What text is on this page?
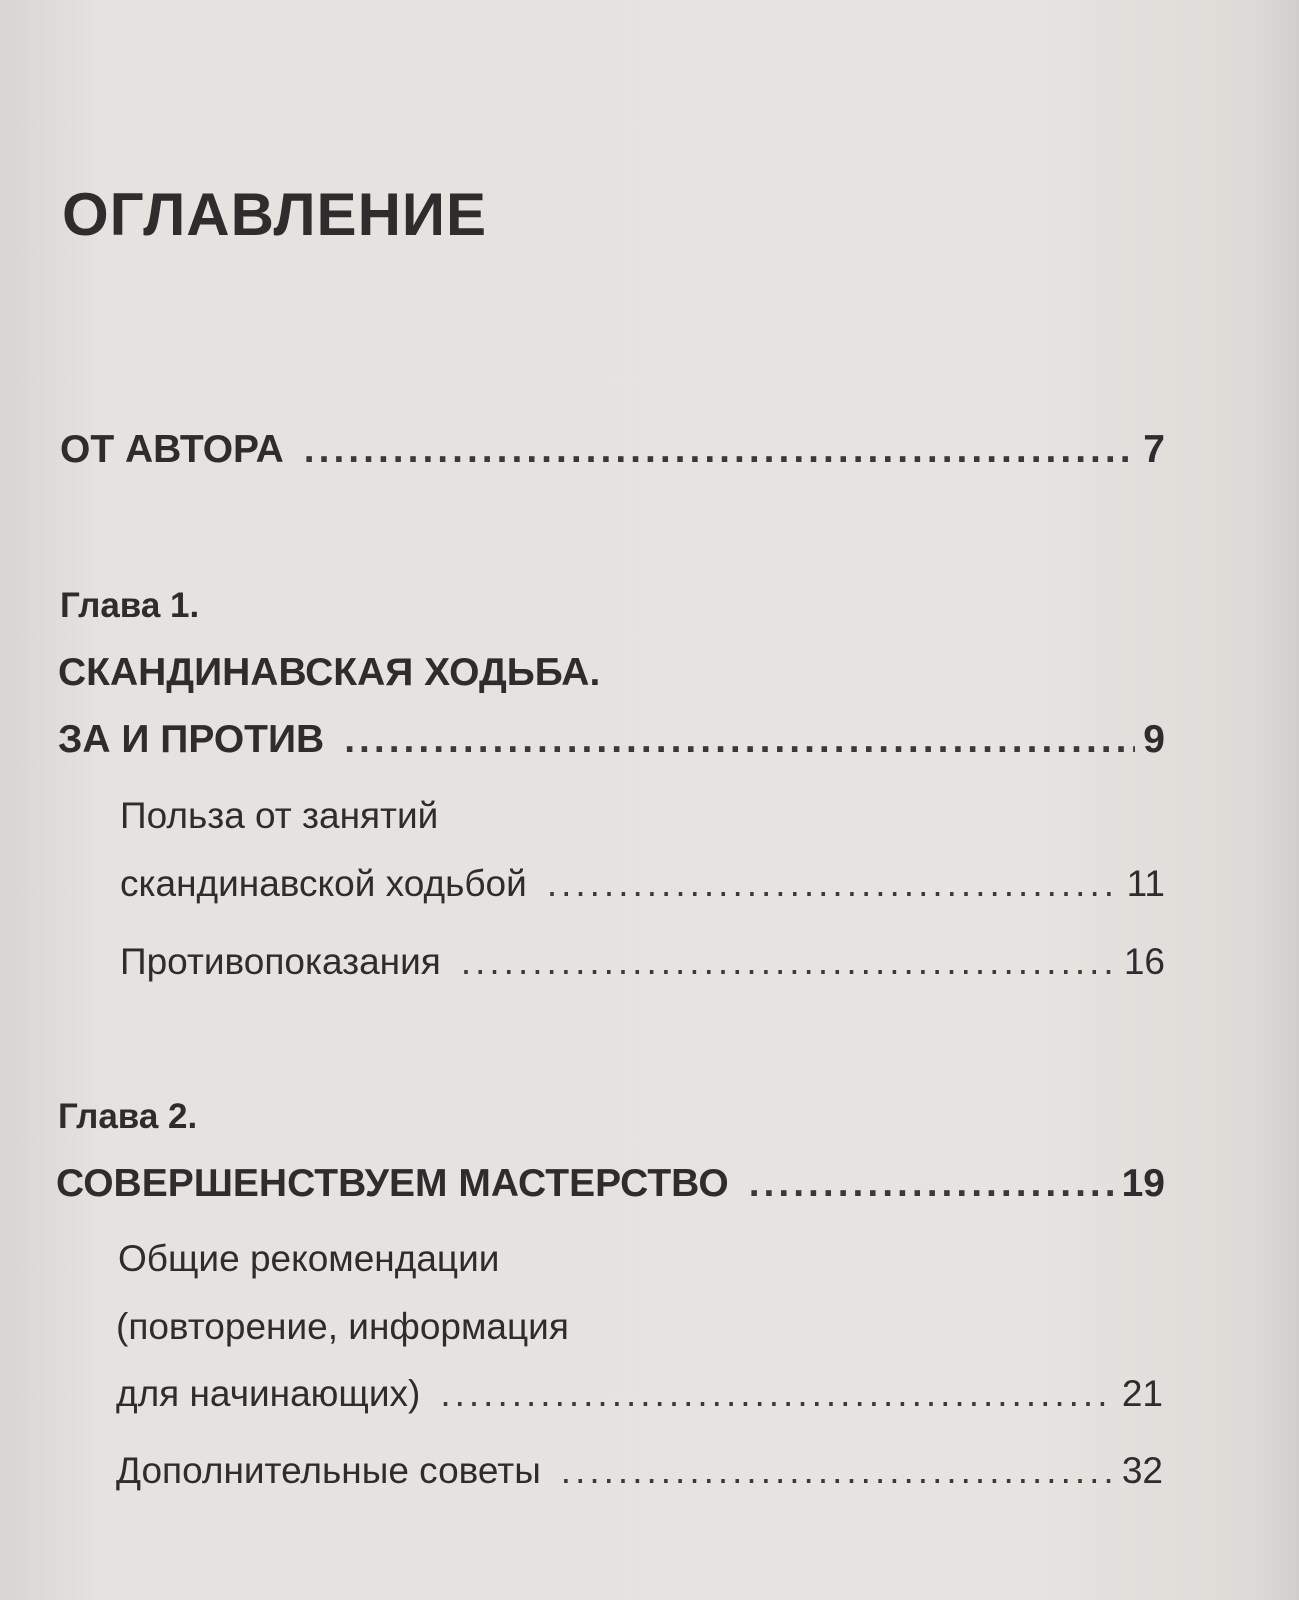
ОГЛАВЛЕНИЕ
ОТ АВТОРА .....	7
Глава 1.
СКАНДИНАВСКАЯ ХОДЬБА.
ЗА И ПРОТИВ .....	9
Польза от занятий
скандинавской ходьбой .....	11
Противопоказания .....	16
Глава 2.
СОВЕРШЕНСТВУЕМ МАСТЕРСТВО .....	19
Общие рекомендации
(повторение, информация
для начинающих) .....	21
Дополнительные советы .....	32
